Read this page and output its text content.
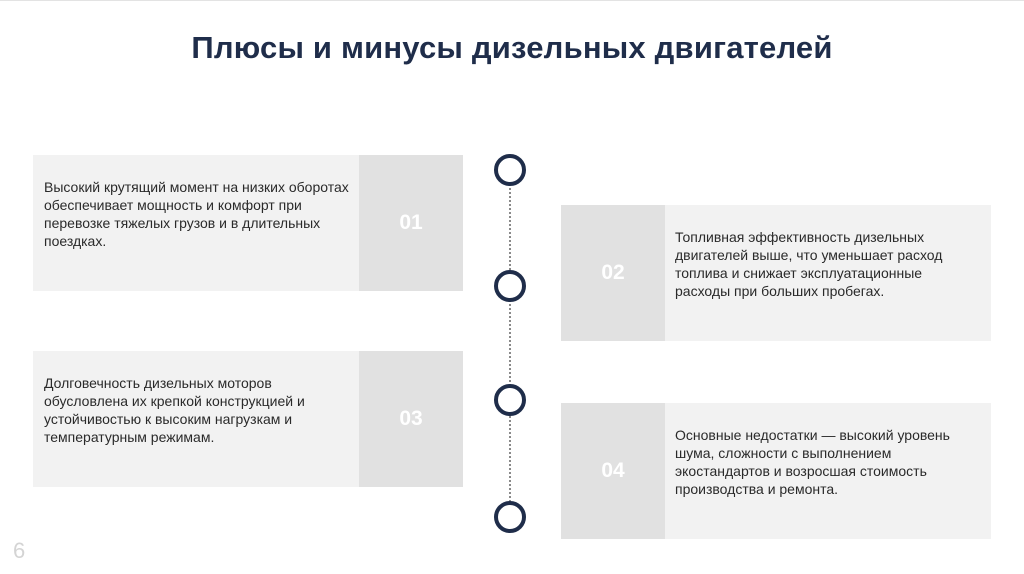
Плюсы и минусы дизельных двигателей
Высокий крутящий момент на низких оборотах обеспечивает мощность и комфорт при перевозке тяжелых грузов и в длительных поездках.
01
02
Топливная эффективность дизельных двигателей выше, что уменьшает расход топлива и снижает эксплуатационные расходы при больших пробегах.
Долговечность дизельных моторов обусловлена их крепкой конструкцией и устойчивостью к высоким нагрузкам и температурным режимам.
03
04
Основные недостатки — высокий уровень шума, сложности с выполнением экостандартов и возросшая стоимость производства и ремонта.
6
